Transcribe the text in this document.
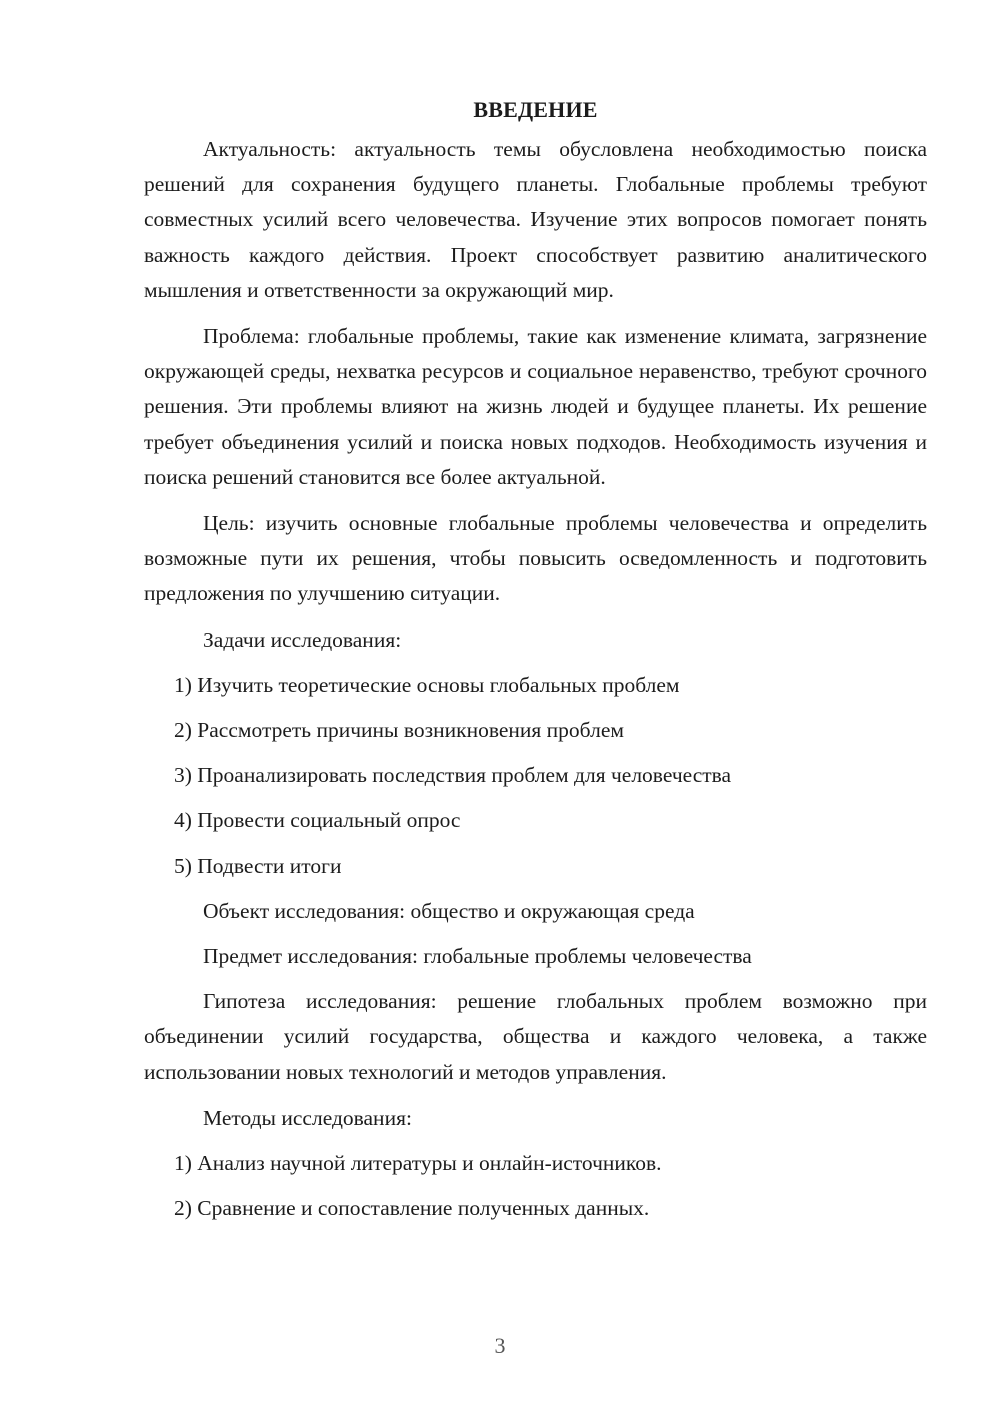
ВВЕДЕНИЕ

Актуальность: актуальность темы обусловлена необходимостью поиска решений для сохранения будущего планеты. Глобальные проблемы требуют совместных усилий всего человечества. Изучение этих вопросов помогает понять важность каждого действия. Проект способствует развитию аналитического мышления и ответственности за окружающий мир.

Проблема: глобальные проблемы, такие как изменение климата, загрязнение окружающей среды, нехватка ресурсов и социальное неравенство, требуют срочного решения. Эти проблемы влияют на жизнь людей и будущее планеты. Их решение требует объединения усилий и поиска новых подходов. Необходимость изучения и поиска решений становится все более актуальной.

Цель: изучить основные глобальные проблемы человечества и определить возможные пути их решения, чтобы повысить осведомленность и подготовить предложения по улучшению ситуации.

Задачи исследования:
1) Изучить теоретические основы глобальных проблем
2) Рассмотреть причины возникновения проблем
3) Проанализировать последствия проблем для человечества
4) Провести социальный опрос
5) Подвести итоги
Объект исследования: общество и окружающая среда
Предмет исследования: глобальные проблемы человечества

Гипотеза исследования: решение глобальных проблем возможно при объединении усилий государства, общества и каждого человека, а также использовании новых технологий и методов управления.

Методы исследования:
1) Анализ научной литературы и онлайн-источников.
2) Сравнение и сопоставление полученных данных.
3
